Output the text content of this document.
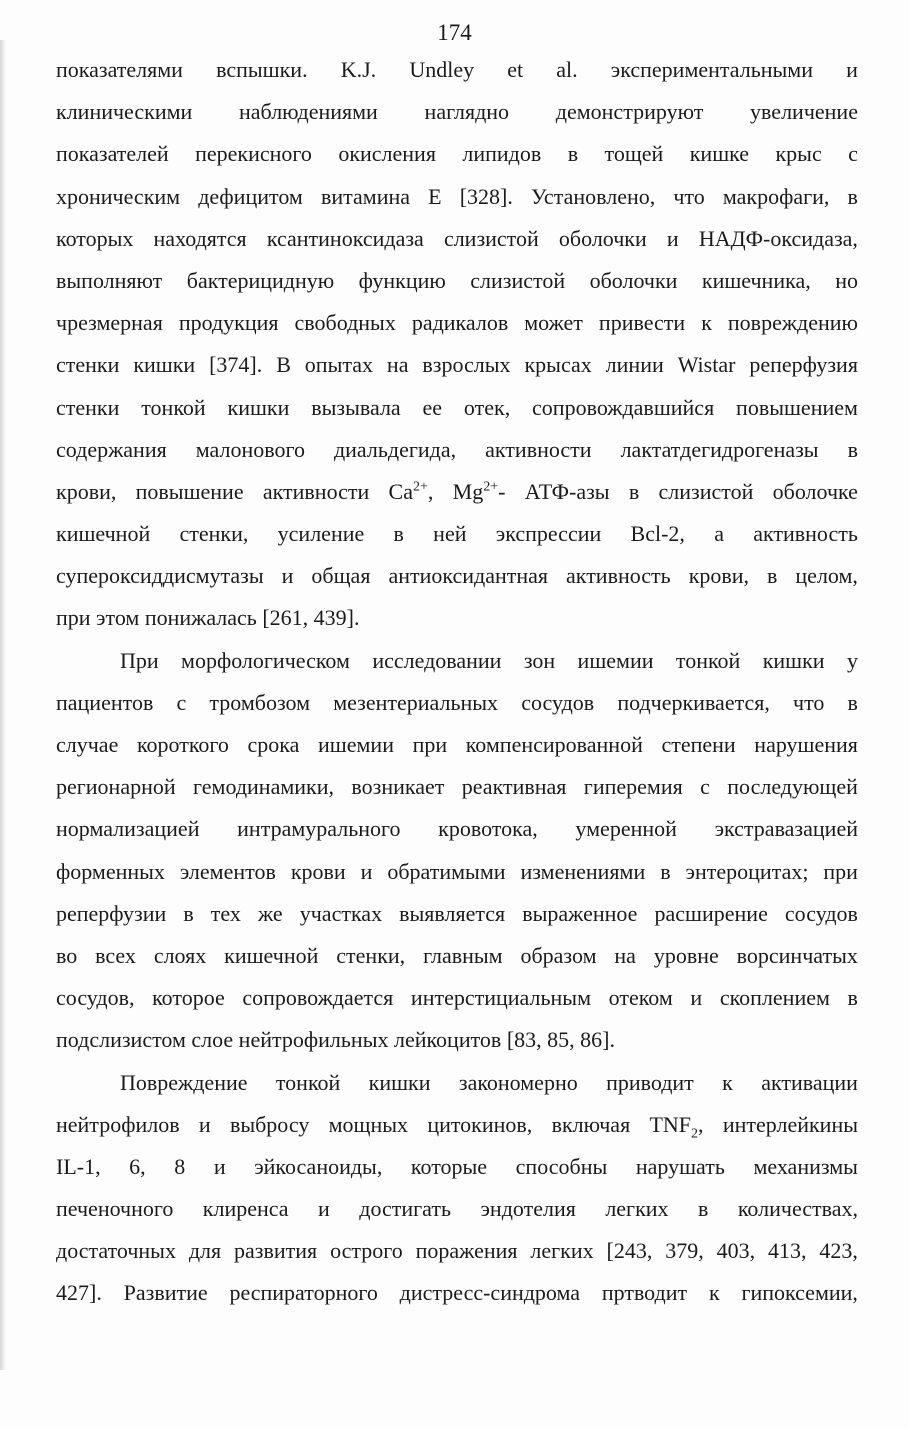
174
показателями вспышки. K.J. Undley et al. экспериментальными и
клиническими наблюдениями наглядно демонстрируют увеличение
показателей перекисного окисления липидов в тощей кишке крыс с
хроническим дефицитом витамина Е [328]. Установлено, что макрофаги, в
которых находятся ксантиноксидаза слизистой оболочки и НАДФ-оксидаза,
выполняют бактерицидную функцию слизистой оболочки кишечника, но
чрезмерная продукция свободных радикалов может привести к повреждению
стенки кишки [374]. В опытах на взрослых крысах линии Wistar реперфузия
стенки тонкой кишки вызывала ее отек, сопровождавшийся повышением
содержания малонового диальдегида, активности лактатдегидрогеназы в
крови, повышение активности $Ca^{2+}$, $Mg^{2+}-$ АТФ-азы в слизистой оболочке
кишечной стенки, усиление в ней экспрессии Bcl-2, а активность
супероксиддисмутазы и общая антиоксидантная активность крови, в целом,
при этом понижалась [261, 439].
При морфологическом исследовании зон ишемии тонкой кишки у
пациентов с тромбозом мезентериальных сосудов подчеркивается, что в
случае короткого срока ишемии при компенсированной степени нарушения
регионарной гемодинамики, возникает реактивная гиперемия с последующей
нормализацией интрамурального кровотока, умеренной экстравазацией
форменных элементов крови и обратимыми изменениями в энтероцитах; при
реперфузии в тех же участках выявляется выраженное расширение сосудов
во всех слоях кишечной стенки, главным образом на уровне ворсинчатых
сосудов, которое сопровождается интерстициальным отеком и скоплением в
подслизистом слое нейтрофильных лейкоцитов [83, 85, 86].
Повреждение тонкой кишки закономерно приводит к активации
нейтрофилов и выбросу мощных цитокинов, включая $TNF_2$, интерлейкины
IL-1, 6, 8 и эйкосаноиды, которые способны нарушать механизмы
печеночного клиренса и достигать эндотелия легких в количествах,
достаточных для развития острого поражения легких [243, 379, 403, 413, 423,
427]. Развитие респираторного дистресс-синдрома пртводит к гипоксемии,
